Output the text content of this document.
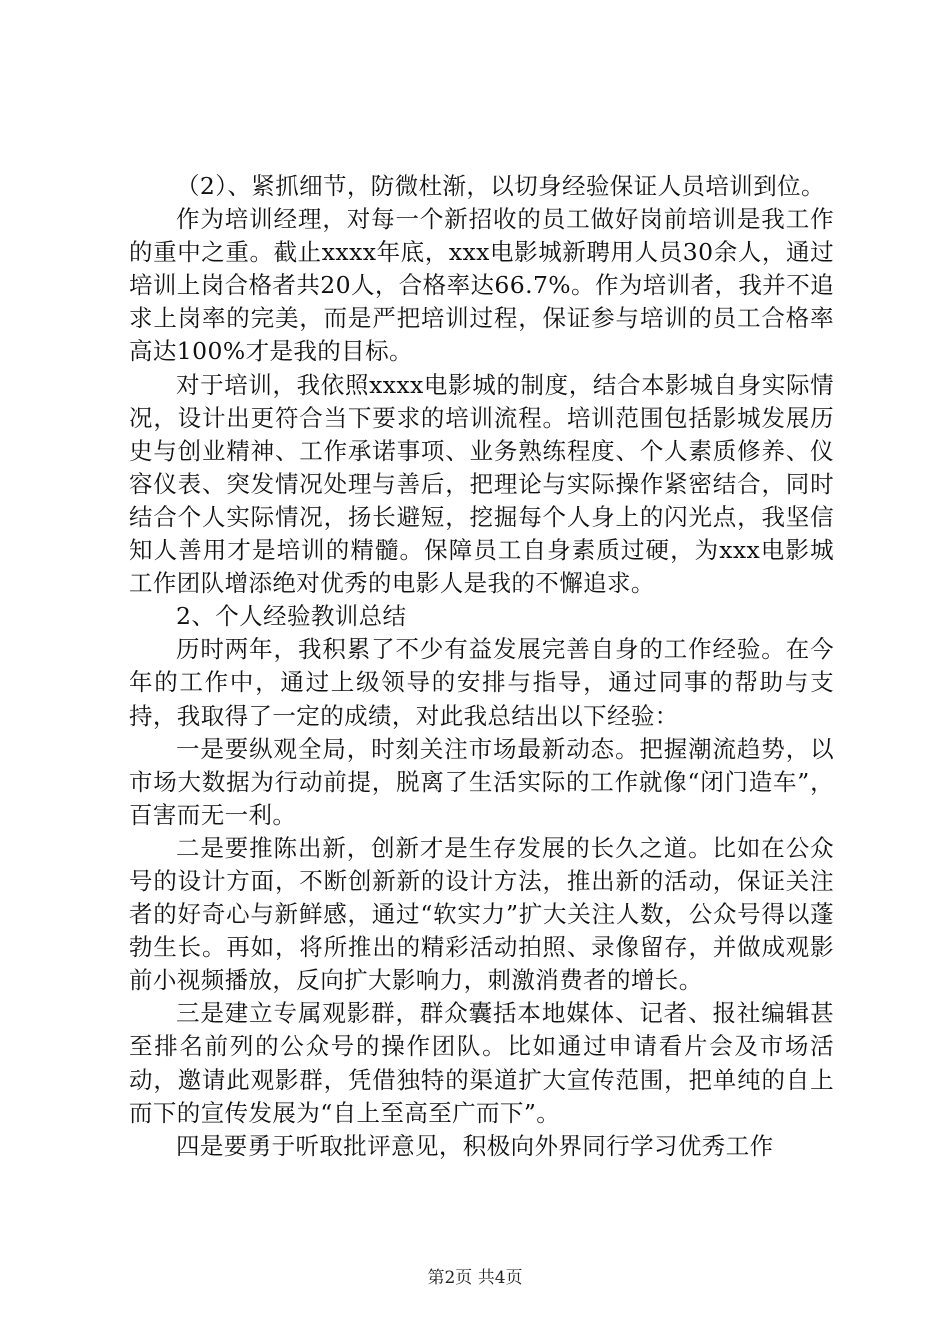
（2）、紧抓细节，防微杜渐，以切身经验保证人员培训到位。

作为培训经理，对每一个新招收的员工做好岗前培训是我工作的重中之重。截止xxxx年底，xxx电影城新聘用人员30余人，通过培训上岗合格者共20人，合格率达66.7%。作为培训者，我并不追求上岗率的完美，而是严把培训过程，保证参与培训的员工合格率高达100%才是我的目标。

对于培训，我依照xxxx电影城的制度，结合本影城自身实际情况，设计出更符合当下要求的培训流程。培训范围包括影城发展历史与创业精神、工作承诺事项、业务熟练程度、个人素质修养、仪容仪表、突发情况处理与善后，把理论与实际操作紧密结合，同时结合个人实际情况，扬长避短，挖掘每个人身上的闪光点，我坚信知人善用才是培训的精髓。保障员工自身素质过硬，为xxx电影城工作团队增添绝对优秀的电影人是我的不懈追求。

2、个人经验教训总结

历时两年，我积累了不少有益发展完善自身的工作经验。在今年的工作中，通过上级领导的安排与指导，通过同事的帮助与支持，我取得了一定的成绩，对此我总结出以下经验：

一是要纵观全局，时刻关注市场最新动态。把握潮流趋势，以市场大数据为行动前提，脱离了生活实际的工作就像“闭门造车”，百害而无一利。

二是要推陈出新，创新才是生存发展的长久之道。比如在公众号的设计方面，不断创新新的设计方法，推出新的活动，保证关注者的好奇心与新鲜感，通过“软实力”扩大关注人数，公众号得以蓬勃生长。再如，将所推出的精彩活动拍照、录像留存，并做成观影前小视频播放，反向扩大影响力，刺激消费者的增长。

三是建立专属观影群，群众囊括本地媒体、记者、报社编辑甚至排名前列的公众号的操作团队。比如通过申请看片会及市场活动，邀请此观影群，凭借独特的渠道扩大宣传范围，把单纯的自上而下的宣传发展为“自上至高至广而下”。

四是要勇于听取批评意见，积极向外界同行学习优秀工作

第2页 共4页
